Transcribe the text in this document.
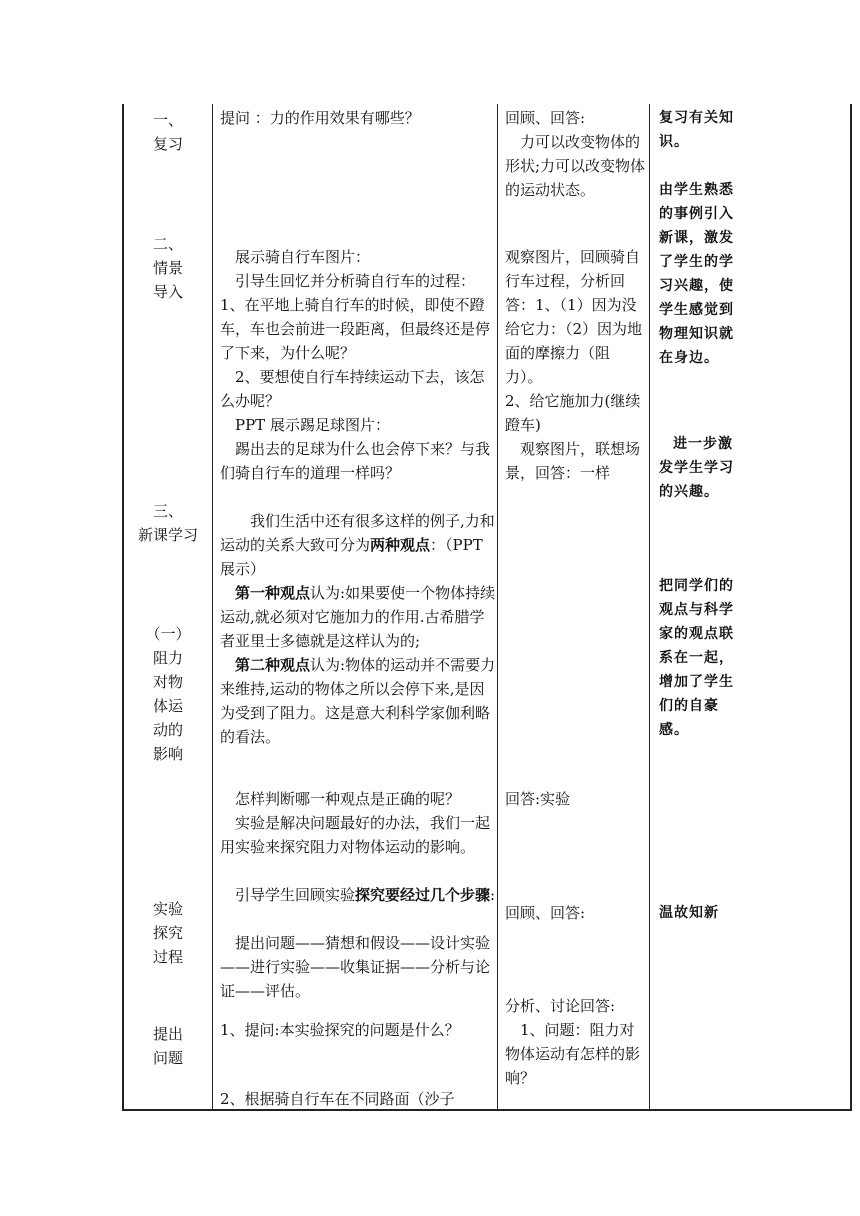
一、
复习
二、
情景
导入
三、
新课学习
（一）
阻力
对物
体运
动的
影响
实验
探究
过程
提出
问题
提问 ：力的作用效果有哪些？
展示骑自行车图片：
引导生回忆并分析骑自行车的过程：1、在平地上骑自行车的时候，即使不蹬车，车也会前进一段距离，但最终还是停了下来，为什么呢？
2、要想使自行车持续运动下去，该怎么办呢？
PPT 展示踢足球图片：
踢出去的足球为什么也会停下来？与我们骑自行车的道理一样吗？
我们生活中还有很多这样的例子,力和运动的关系大致可分为两种观点：（PPT 展示）
第一种观点认为:如果要使一个物体持续运动,就必须对它施加力的作用.古希腊学者亚里士多德就是这样认为的;
第二种观点认为:物体的运动并不需要力来维持,运动的物体之所以会停下来,是因为受到了阻力。这是意大利科学家伽利略的看法。
怎样判断哪一种观点是正确的呢？
实验是解决问题最好的办法，我们一起用实验来探究阻力对物体运动的影响。
引导学生回顾实验探究要经过几个步骤:
提出问题——猜想和假设——设计实验——进行实验——收集证据——分析与论证——评估。
1、提问:本实验探究的问题是什么？
2、根据骑自行车在不同路面（沙子
回顾、回答:
力可以改变物体的形状;力可以改变物体的运动状态。
观察图片，回顾骑自行车过程，分析回答：1、（1）因为没给它力：（2）因为地面的摩擦力（阻力）。
2、给它施加力(继续蹬车)
观察图片，联想场景，回答：一样
回答:实验
回顾、回答:
分析、讨论回答:
1、问题：阻力对物体运动有怎样的影响？
复习有关知识。
由学生熟悉的事例引入新课，激发了学生的学习兴趣，使学生感觉到物理知识就在身边。
进一步激发学生学习的兴趣。
把同学们的观点与科学家的观点联系在一起，增加了学生们的自豪感。
温故知新
